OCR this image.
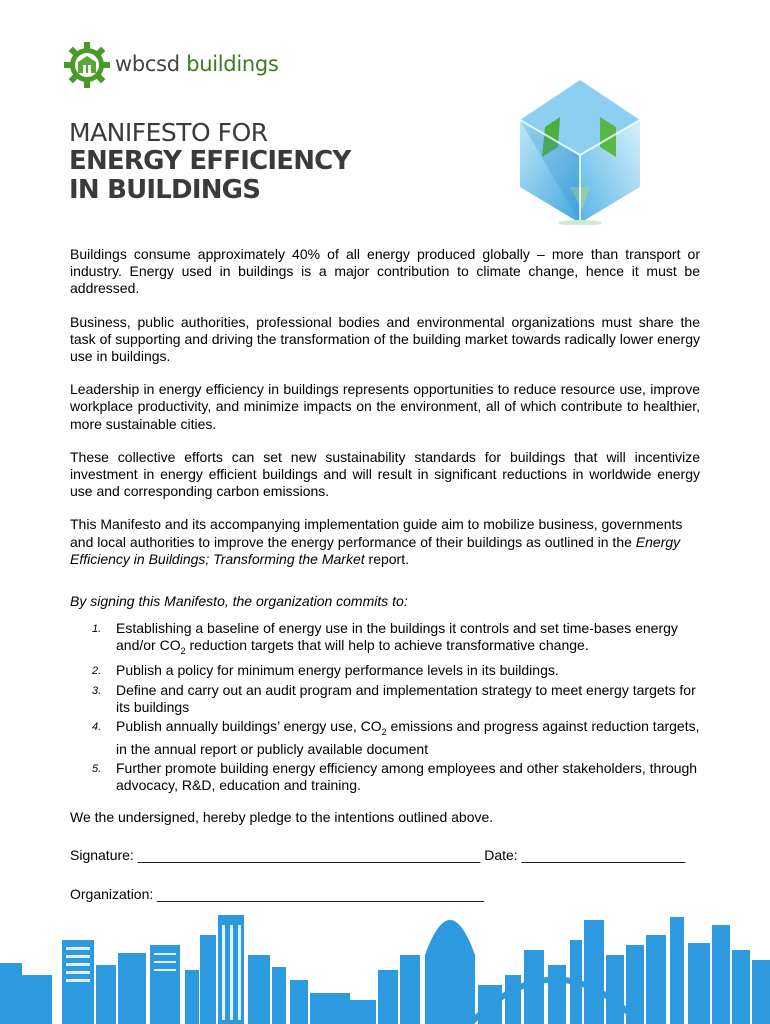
wbcsd buildings
MANIFESTO FOR
ENERGY EFFICIENCY
IN BUILDINGS

Buildings consume approximately 40% of all energy produced globally – more than transport or industry. Energy used in buildings is a major contribution to climate change, hence it must be addressed.

Business, public authorities, professional bodies and environmental organizations must share the task of supporting and driving the transformation of the building market towards radically lower energy use in buildings.

Leadership in energy efficiency in buildings represents opportunities to reduce resource use, improve workplace productivity, and minimize impacts on the environment, all of which contribute to healthier, more sustainable cities.

These collective efforts can set new sustainability standards for buildings that will incentivize investment in energy efficient buildings and will result in significant reductions in worldwide energy use and corresponding carbon emissions.

This Manifesto and its accompanying implementation guide aim to mobilize business, governments and local authorities to improve the energy performance of their buildings as outlined in the Energy Efficiency in Buildings; Transforming the Market report.

By signing this Manifesto, the organization commits to:

1. Establishing a baseline of energy use in the buildings it controls and set time-bases energy and/or $CO_2$ reduction targets that will help to achieve transformative change.
2. Publish a policy for minimum energy performance levels in its buildings.
3. Define and carry out an audit program and implementation strategy to meet energy targets for its buildings
4. Publish annually buildings’ energy use, $CO_2$ emissions and progress against reduction targets, in the annual report or publicly available document
5. Further promote building energy efficiency among employees and other stakeholders, through advocacy, R&D, education and training.

We the undersigned, hereby pledge to the intentions outlined above.

Signature: ____________________________________________ Date: _____________________
Organization: __________________________________________
